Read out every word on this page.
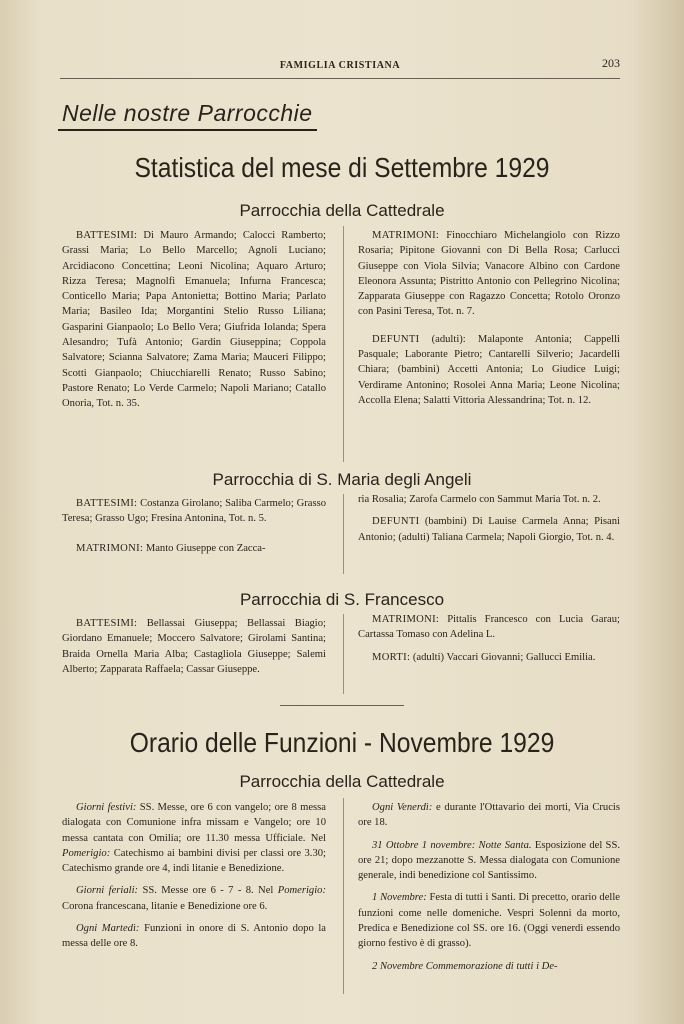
FAMIGLIA CRISTIANA	203
Nelle nostre Parrocchie
Statistica del mese di Settembre 1929
Parrocchia della Cattedrale

BATTESIMI: Di Mauro Armando; Calocci Ramberto; Grassi Maria; Lo Bello Marcello; Agnoli Luciano; Arcidiacono Concettina; Leoni Nicolina; Aquaro Arturo; Rizza Teresa; Magnolfi Emanuela; Infurna Francesca; Conticello Maria; Papa Antonietta; Bottino Maria; Parlato Maria; Basileo Ida; Morgantini Stelio Russo Liliana; Gasparini Gianpaolo; Lo Bello Vera; Giufrida Iolanda; Spera Alesandro; Tufà Antonio; Gardin Giuseppina; Coppola Salvatore; Scianna Salvatore; Zama Maria; Mauceri Filippo; Scotti Gianpaolo; Chiucchiarelli Renato; Russo Sabino; Pastore Renato; Lo Verde Carmelo; Napoli Mariano; Catallo Onoria, Tot. n. 35.

MATRIMONI: Finocchiaro Michelangiolo con Rizzo Rosaria; Pipitone Giovanni con Di Bella Rosa; Carlucci Giuseppe con Viola Silvia; Vanacore Albino con Cardone Eleonora Assunta; Pistritto Antonio con Pellegrino Nicolina; Zapparata Giuseppe con Ragazzo Concetta; Rotolo Oronzo con Pasini Teresa, Tot. n. 7.

DEFUNTI (adulti): Malaponte Antonia; Cappelli Pasquale; Laborante Pietro; Cantarelli Silverio; Jacardelli Chiara; (bambini) Accetti Antonia; Lo Giudice Luigi; Verdirame Antonino; Rosolei Anna Maria; Leone Nicolina; Accolla Elena; Salatti Vittoria Alessandrina; Tot. n. 12.

Parrocchia di S. Maria degli Angeli

BATTESIMI: Costanza Girolano; Saliba Carmelo; Grasso Teresa; Grasso Ugo; Fresina Antonina, Tot. n. 5.

MATRIMONI: Manto Giuseppe con Zacca-

ria Rosalia; Zarofa Carmelo con Sammut Maria Tot. n. 2.

DEFUNTI (bambini) Di Lauise Carmela Anna; Pisani Antonio; (adulti) Taliana Carmela; Napoli Giorgio, Tot. n. 4.

Parrocchia di S. Francesco

BATTESIMI: Bellassai Giuseppa; Bellassai Biagio; Giordano Emanuele; Moccero Salvatore; Girolami Santina; Braida Ornella Maria Alba; Castagliola Giuseppe; Salemi Alberto; Zapparata Raffaela; Cassar Giuseppe.

MATRIMONI: Pittalis Francesco con Lucia Garau; Cartassa Tomaso con Adelina L.

MORTI: (adulti) Vaccari Giovanni; Gallucci Emilia.

Orario delle Funzioni - Novembre 1929
Parrocchia della Cattedrale

Giorni festivi: SS. Messe, ore 6 con vangelo; ore 8 messa dialogata con Comunione infra missam e Vangelo; ore 10 messa cantata con Omilia; ore 11.30 messa Ufficiale. Nel Pomerigio: Catechismo ai bambini divisi per classi ore 3.30; Catechismo grande ore 4, indi litanie e Benedizione.

Giorni feriali: SS. Messe ore 6 - 7 - 8. Nel Pomerigio: Corona francescana, litanie e Benedizione ore 6.

Ogni Martedì: Funzioni in onore di S. Antonio dopo la messa delle ore 8.

Ogni Venerdì: e durante l'Ottavario dei morti, Via Crucis ore 18.

31 Ottobre 1 novembre: Notte Santa. Esposizione del SS. ore 21; dopo mezzanotte S. Messa dialogata con Comunione generale, indi benedizione col Santissimo.

1 Novembre: Festa di tutti i Santi. Di precetto, orario delle funzioni come nelle domeniche. Vespri Solenni da morto, Predica e Benedizione col SS. ore 16. (Oggi venerdì essendo giorno festivo è di grasso).

2 Novembre Commemorazione di tutti i De-
